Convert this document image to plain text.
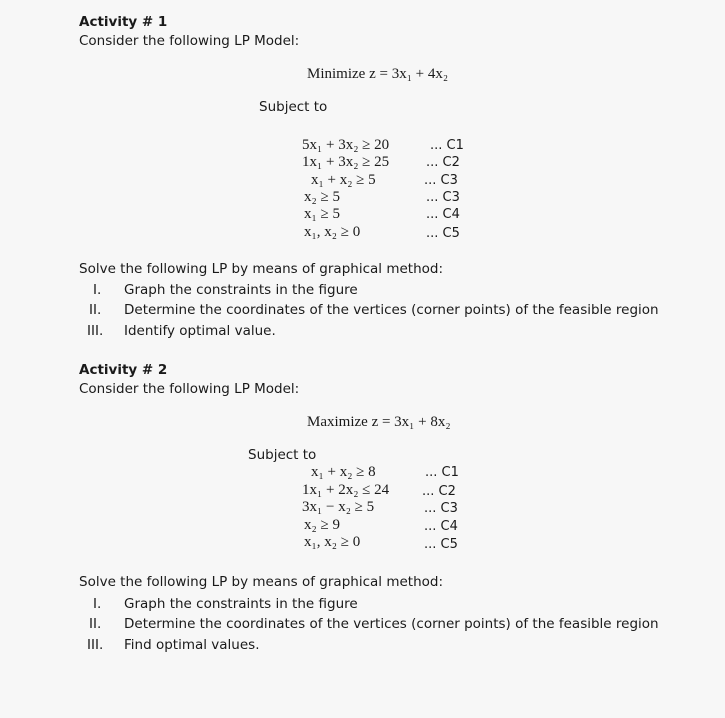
Activity # 1
Consider the following LP Model:
Minimize z = 3x₁ + 4x₂
Subject to
5x₁ + 3x₂ ≥ 20	... C1
1x₁ + 3x₂ ≥ 25	... C2
x₁ + x₂ ≥ 5	... C3
x₂ ≥ 5	... C3
x₁ ≥ 5	... C4
x₁, x₂ ≥ 0	... C5
Solve the following LP by means of graphical method:
I. Graph the constraints in the figure
II. Determine the coordinates of the vertices (corner points) of the feasible region
III. Identify optimal value.
Activity # 2
Consider the following LP Model:
Maximize z = 3x₁ + 8x₂
Subject to
x₁ + x₂ ≥ 8	... C1
1x₁ + 2x₂ ≤ 24	... C2
3x₁ − x₂ ≥ 5	... C3
x₂ ≥ 9	... C4
x₁, x₂ ≥ 0	... C5
Solve the following LP by means of graphical method:
I. Graph the constraints in the figure
II. Determine the coordinates of the vertices (corner points) of the feasible region
III. Find optimal values.
